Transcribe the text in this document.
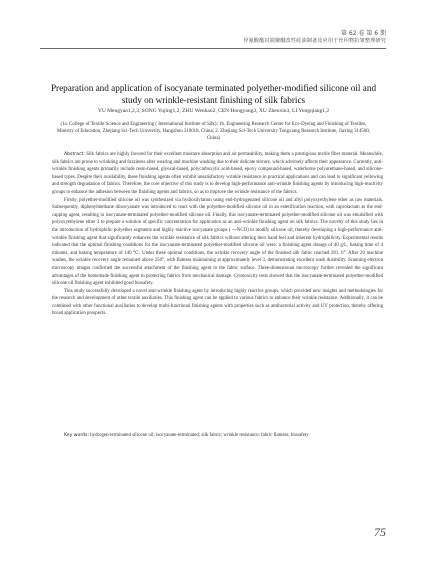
第 62 卷 第 6 期
异氰酸酯封端聚醚改性硅油制备及应用于丝织物抗皱整理研究
Preparation and application of isocyanate terminated polyether-modified silicone oil and study on wrinkle-resistant finishing of silk fabrics
YU Mengyao1,2,3, SONG Yujing1,2, ZHU Wenhao2, CEN Hongyang3, XU Zhenxin3, LI Yongqiang1,2
(1a. College of Textile Science and Engineering ( International Institute of Silk); 1b. Engineering Research Center for Eco-Dyeing and Finishing of Textiles, Ministry of Education, Zhejiang Sci-Tech University, Hangzhou 310018, China; 2. Zhejiang Sci-Tech University Tongxiang Research Institute, Jiaxing 314500, China)

Abstract: Silk fabrics are highly favored for their excellent moisture absorption and air permeability, making them a prestigious textile fiber material. Meanwhile, silk fabrics are prone to wrinkling and fuzziness after wearing and machine washing due to their delicate texture, which adversely affects their appearance. Currently, anti-wrinkle finishing agents primarily include resin-based, glyoxal-based, polycarboxylic acid-based, epoxy compound-based, waterborne polyurethane-based, and silicone-based types. Despite their availability, these finishing agents often exhibit unsatisfactory wrinkle resistance in practical applications and can lead to significant yellowing and strength degradation of fabrics. Therefore, the core objective of this study is to develop high-performance anti-wrinkle finishing agents by introducing high-reactivity groups to enhance the adhesion between the finishing agents and fabrics, so as to improve the wrinkle resistance of the fabrics.

Firstly, polyether-modified silicone oil was synthesized via hydrosilylation using end-hydrogenated silicone oil and allyl polyoxyethylene ether as raw materials. Subsequently, diphenylmethane diisocyanate was introduced to react with the polyether-modified silicone oil in an esterification reaction, with caprolactam as the end-capping agent, resulting in isocyanate-terminated polyether-modified silicone oil. Finally, this isocyanate-terminated polyether-modified silicone oil was emulsified with polyoxyethylene ether 3 to prepare a solution of specific concentration for application as an anti-wrinkle finishing agent on silk fabrics. The novelty of this study lies in the introduction of hydrophilic polyether segments and highly reactive isocyanate groups ( —NCO) to modify silicone oil, thereby developing a high-performance anti-wrinkle finishing agent that significantly enhances the wrinkle resistance of silk fabrics without altering their hand feel and inherent hydrophilicity. Experimental results indicated that the optimal finishing conditions for the isocyanate-terminated polyether-modified silicone oil were: a finishing agent dosage of 40 g/L, baking time of 4 minutes, and baking temperature of 140 ℃. Under these optimal conditions, the wrinkle recovery angle of the finished silk fabric reached 281. 6°. After 20 machine washes, the wrinkle recovery angle remained above 250°, with flatness maintaining at approximately level 3, demonstrating excellent wash durability. Scanning electron microscopy images confirmed the successful attachment of the finishing agent to the fabric surface. Three-dimensional microscopy further revealed the significant advantages of the homemade finishing agent in protecting fabrics from mechanical damage. Cytotoxicity tests showed that the isocyanate-terminated polyether-modified silicone oil finishing agent exhibited good biosafety.

This study successfully developed a novel anti-wrinkle finishing agent by introducing highly reactive groups, which provided new insights and methodologies for the research and development of other textile auxiliaries. This finishing agent can be applied to various fabrics to enhance their wrinkle resistance. Additionally, it can be combined with other functional auxiliaries to develop multi-functional finishing agents with properties such as antibacterial activity and UV protection, thereby offering broad application prospects.

Key words: hydrogen-terminated silicone oil; isocyanate-terminated; silk fabric; wrinkle resistance; fabric flatness; biosafety

75
